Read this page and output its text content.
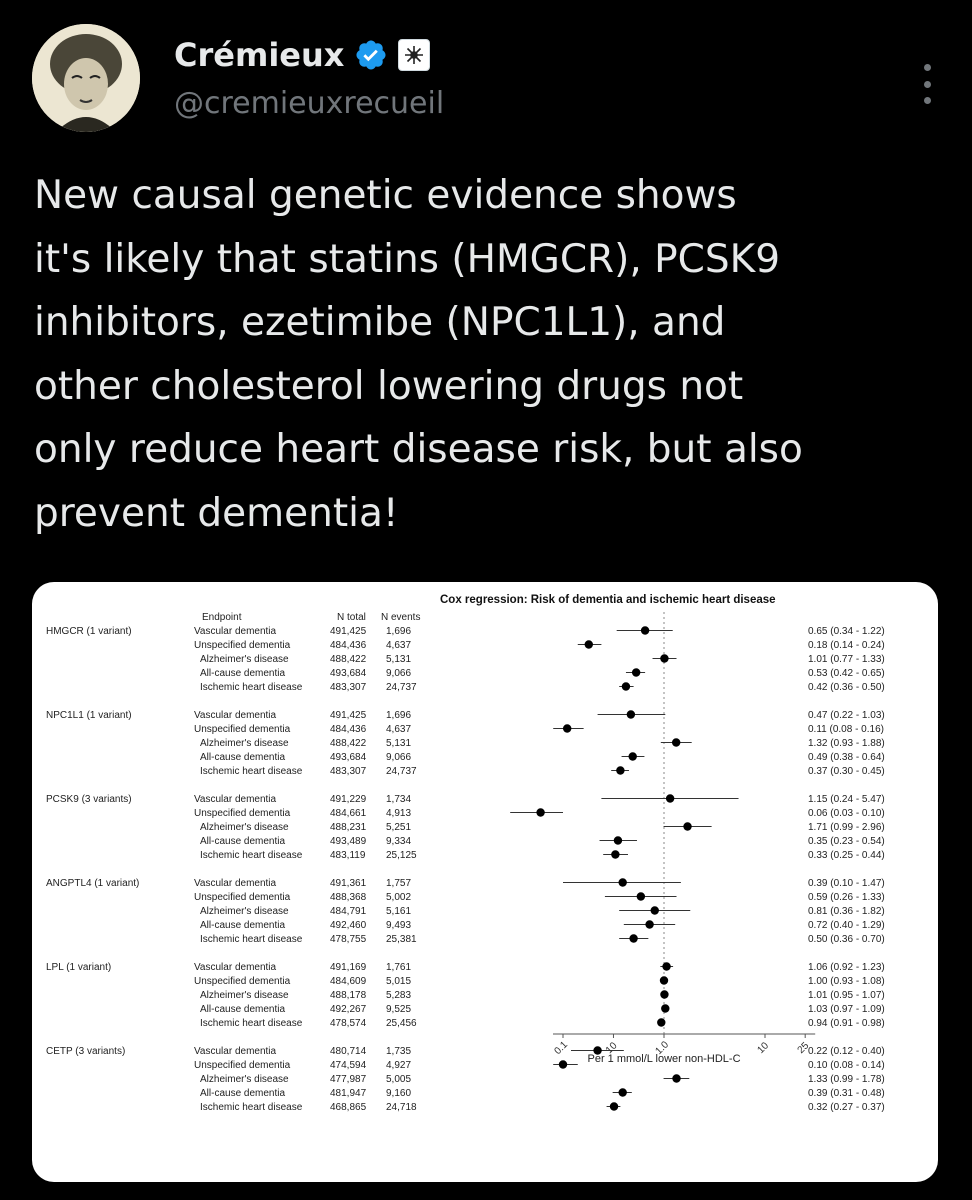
Crémieux
@cremieuxrecueil
New causal genetic evidence shows
it's likely that statins (HMGCR), PCSK9
inhibitors, ezetimibe (NPC1L1), and
other cholesterol lowering drugs not
only reduce heart disease risk, but also
prevent dementia!
Cox regression: Risk of dementia and ischemic heart disease
Endpoint	N total N events
HMGCR (1 variant)	Vascular dementia	491,425 1,696	0.65 (0.34 - 1.22)
Unspecified dementia	484,436 4,637	0.18 (0.14 - 0.24)
Alzheimer's disease	488,422 5,131	1.01 (0.77 - 1.33)
All-cause dementia	493,684 9,066	0.53 (0.42 - 0.65)
Ischemic heart disease	483,307 24,737	0.42 (0.36 - 0.50)
NPC1L1 (1 variant)	Vascular dementia	491,425 1,696	0.47 (0.22 - 1.03)
Unspecified dementia	484,436 4,637	0.11 (0.08 - 0.16)
Alzheimer's disease	488,422 5,131	1.32 (0.93 - 1.88)
All-cause dementia	493,684 9,066	0.49 (0.38 - 0.64)
Ischemic heart disease	483,307 24,737	0.37 (0.30 - 0.45)
PCSK9 (3 variants)	Vascular dementia	491,229 1,734	1.15 (0.24 - 5.47)
Unspecified dementia	484,661 4,913	0.06 (0.03 - 0.10)
Alzheimer's disease	488,231 5,251	1.71 (0.99 - 2.96)
All-cause dementia	493,489 9,334	0.35 (0.23 - 0.54)
Ischemic heart disease	483,119 25,125	0.33 (0.25 - 0.44)
ANGPTL4 (1 variant)	Vascular dementia	491,361 1,757	0.39 (0.10 - 1.47)
Unspecified dementia	488,368 5,002	0.59 (0.26 - 1.33)
Alzheimer's disease	484,791 5,161	0.81 (0.36 - 1.82)
All-cause dementia	492,460 9,493	0.72 (0.40 - 1.29)
Ischemic heart disease	478,755 25,381	0.50 (0.36 - 0.70)
LPL (1 variant)	Vascular dementia	491,169 1,761	1.06 (0.92 - 1.23)
Unspecified dementia	484,609 5,015	1.00 (0.93 - 1.08)
Alzheimer's disease	488,178 5,283	1.01 (0.95 - 1.07)
All-cause dementia	492,267 9,525	1.03 (0.97 - 1.09)
Ischemic heart disease	478,574 25,456	0.94 (0.91 - 0.98)
CETP (3 variants)	Vascular dementia	480,714 1,735	0.22 (0.12 - 0.40)
Unspecified dementia	474,594 4,927	0.10 (0.08 - 0.14)
Alzheimer's disease	477,987 5,005	1.33 (0.99 - 1.78)
All-cause dementia	481,947 9,160	0.39 (0.31 - 0.48)
Ischemic heart disease	468,865 24,718	0.32 (0.27 - 0.37)
0.1	10	1.0	10 25
Per 1 mmol/L lower non-HDL-C
